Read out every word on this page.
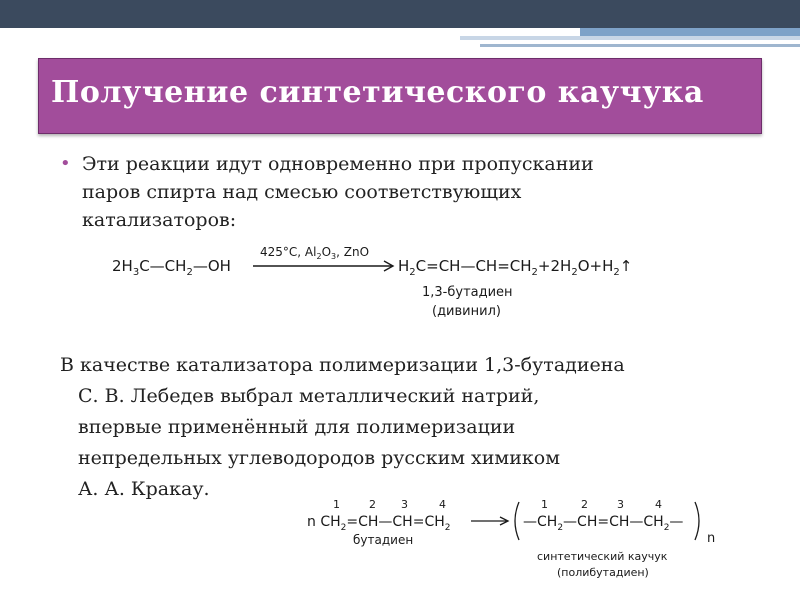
Получение синтетического каучука
• Эти реакции идут одновременно при пропускании
паров спирта над смесью соответствующих
катализаторов:
$2H_3C—CH_2—OH$
425°C, $Al_2O_3$, ZnO
$H_2C=CH—CH=CH_2+2H_2O+H_2↑$
1,3-бутадиен
(дивинил)
В качестве катализатора полимеризации 1,3-бутадиена
С. В. Лебедев выбрал металлический натрий,
впервые применённый для полимеризации
непредельных углеводородов русским химиком
А. А. Кракау.
1	2 3	4
n $CH_2=CH—CH=CH_2$
бутадиен
1	2	3	4
$—CH_2—CH=CH—CH_2—$
n
синтетический каучук
(полибутадиен)
